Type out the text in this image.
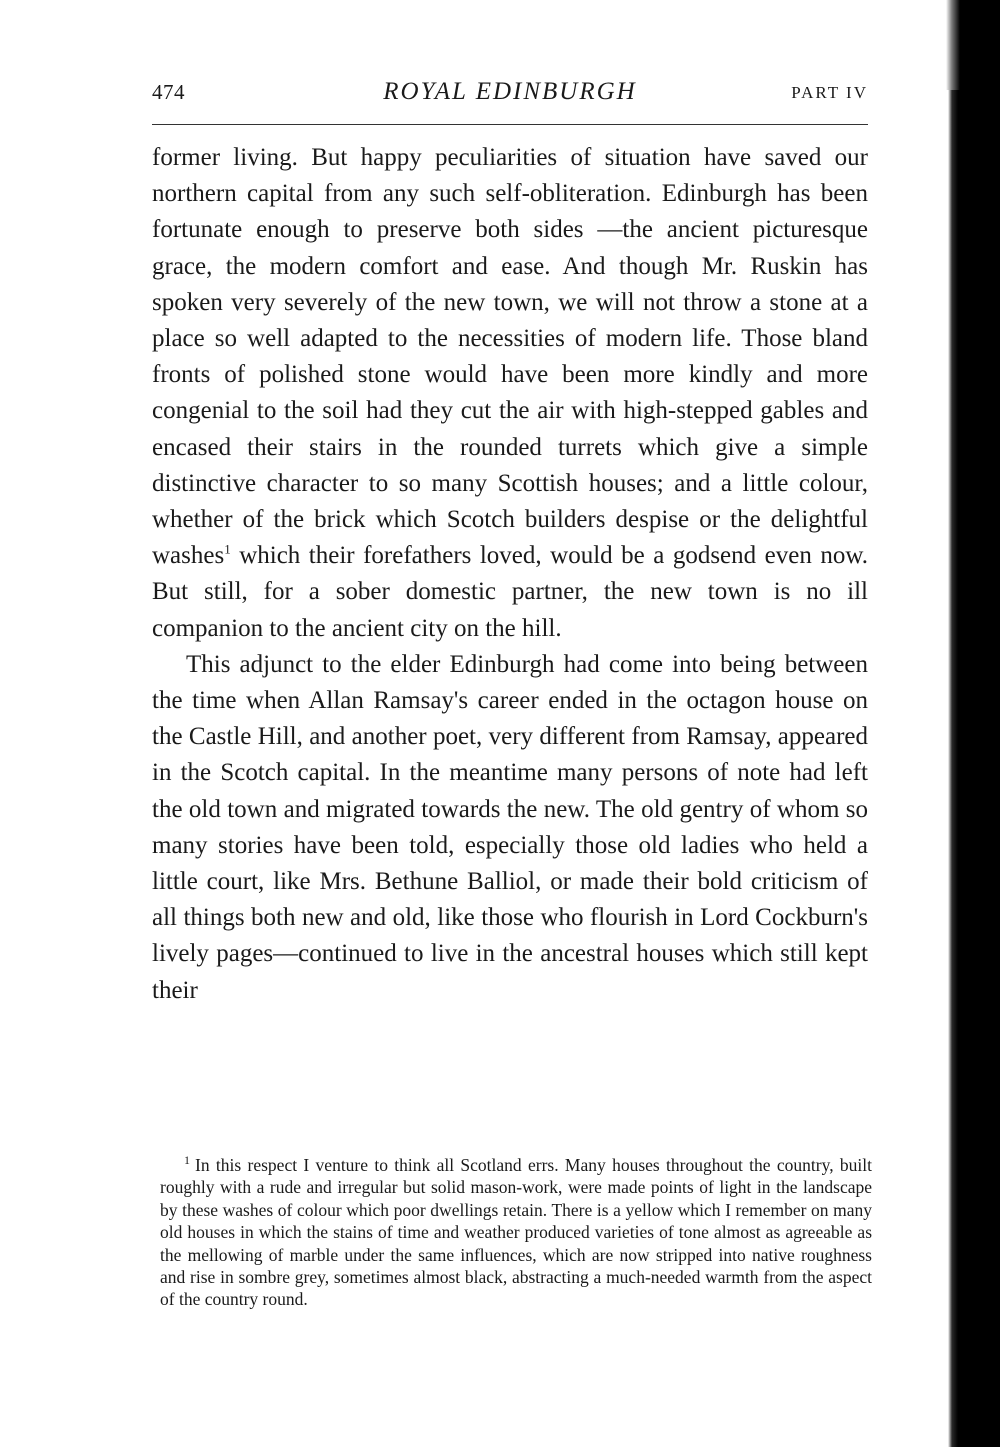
474	ROYAL EDINBURGH	PART IV

former living. But happy peculiarities of situation have saved our northern capital from any such self-obliteration. Edinburgh has been fortunate enough to preserve both sides —the ancient picturesque grace, the modern comfort and ease. And though Mr. Ruskin has spoken very severely of the new town, we will not throw a stone at a place so well adapted to the necessities of modern life. Those bland fronts of polished stone would have been more kindly and more congenial to the soil had they cut the air with high-stepped gables and encased their stairs in the rounded turrets which give a simple distinctive character to so many Scottish houses; and a little colour, whether of the brick which Scotch builders despise or the delightful washes$^1$ which their forefathers loved, would be a godsend even now. But still, for a sober domestic partner, the new town is no ill companion to the ancient city on the hill.

This adjunct to the elder Edinburgh had come into being between the time when Allan Ramsay's career ended in the octagon house on the Castle Hill, and another poet, very different from Ramsay, appeared in the Scotch capital. In the meantime many persons of note had left the old town and migrated towards the new. The old gentry of whom so many stories have been told, especially those old ladies who held a little court, like Mrs. Bethune Balliol, or made their bold criticism of all things both new and old, like those who flourish in Lord Cockburn's lively pages—continued to live in the ancestral houses which still kept their

$^1$ In this respect I venture to think all Scotland errs. Many houses throughout the country, built roughly with a rude and irregular but solid mason-work, were made points of light in the landscape by these washes of colour which poor dwellings retain. There is a yellow which I remember on many old houses in which the stains of time and weather produced varieties of tone almost as agreeable as the mellowing of marble under the same influences, which are now stripped into native roughness and rise in sombre grey, sometimes almost black, abstracting a much-needed warmth from the aspect of the country round.
